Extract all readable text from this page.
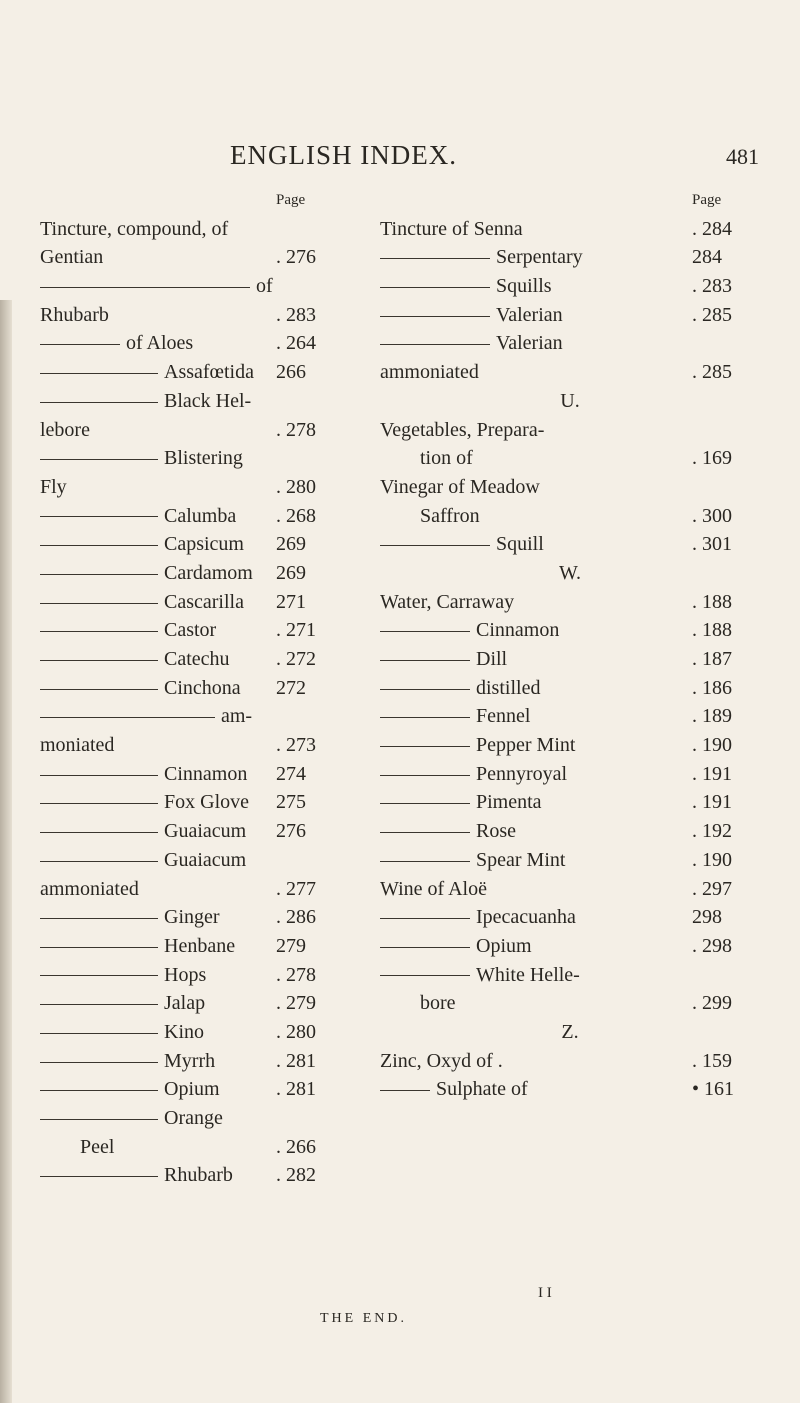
ENGLISH INDEX.	481
Page
Tincture, compound, of
Gentian	. 276
of
Rhubarb	. 283
of Aloes	. 264
Assafœtida 266
Black Hel-
lebore	. 278
Blistering
Fly	. 280
Calumba . 268
Capsicum 269
Cardamom 269
Cascarilla 271
Castor	. 271
Catechu . 272
Cinchona 272
am-
moniated	. 273
Cinnamon 274
Fox Glove 275
Guaiacum 276
Guaiacum
ammoniated	. 277
Ginger	. 286
Henbane 279
Hops	. 278
Jalap	. 279
Kino	. 280
Myrrh	. 281
Opium	. 281
Orange
Peel	. 266
Rhubarb . 282
Page
Tincture of Senna	. 284
Serpentary	284
Squills	. 283
Valerian	. 285
Valerian
ammoniated	. 285
U.
Vegetables, Prepara-
tion of	. 169
Vinegar of Meadow
Saffron	. 300
Squill	. 301
W.
Water, Carraway	. 188
Cinnamon	. 188
Dill	. 187
distilled	. 186
Fennel	. 189
Pepper Mint	. 190
Pennyroyal	. 191
Pimenta	. 191
Rose	. 192
Spear Mint	. 190
Wine of Aloë	. 297
Ipecacuanha	298
Opium	. 298
White Helle-
bore	. 299
Z.
Zinc, Oxyd of .	. 159
Sulphate of	• 161
I I
THE END.
